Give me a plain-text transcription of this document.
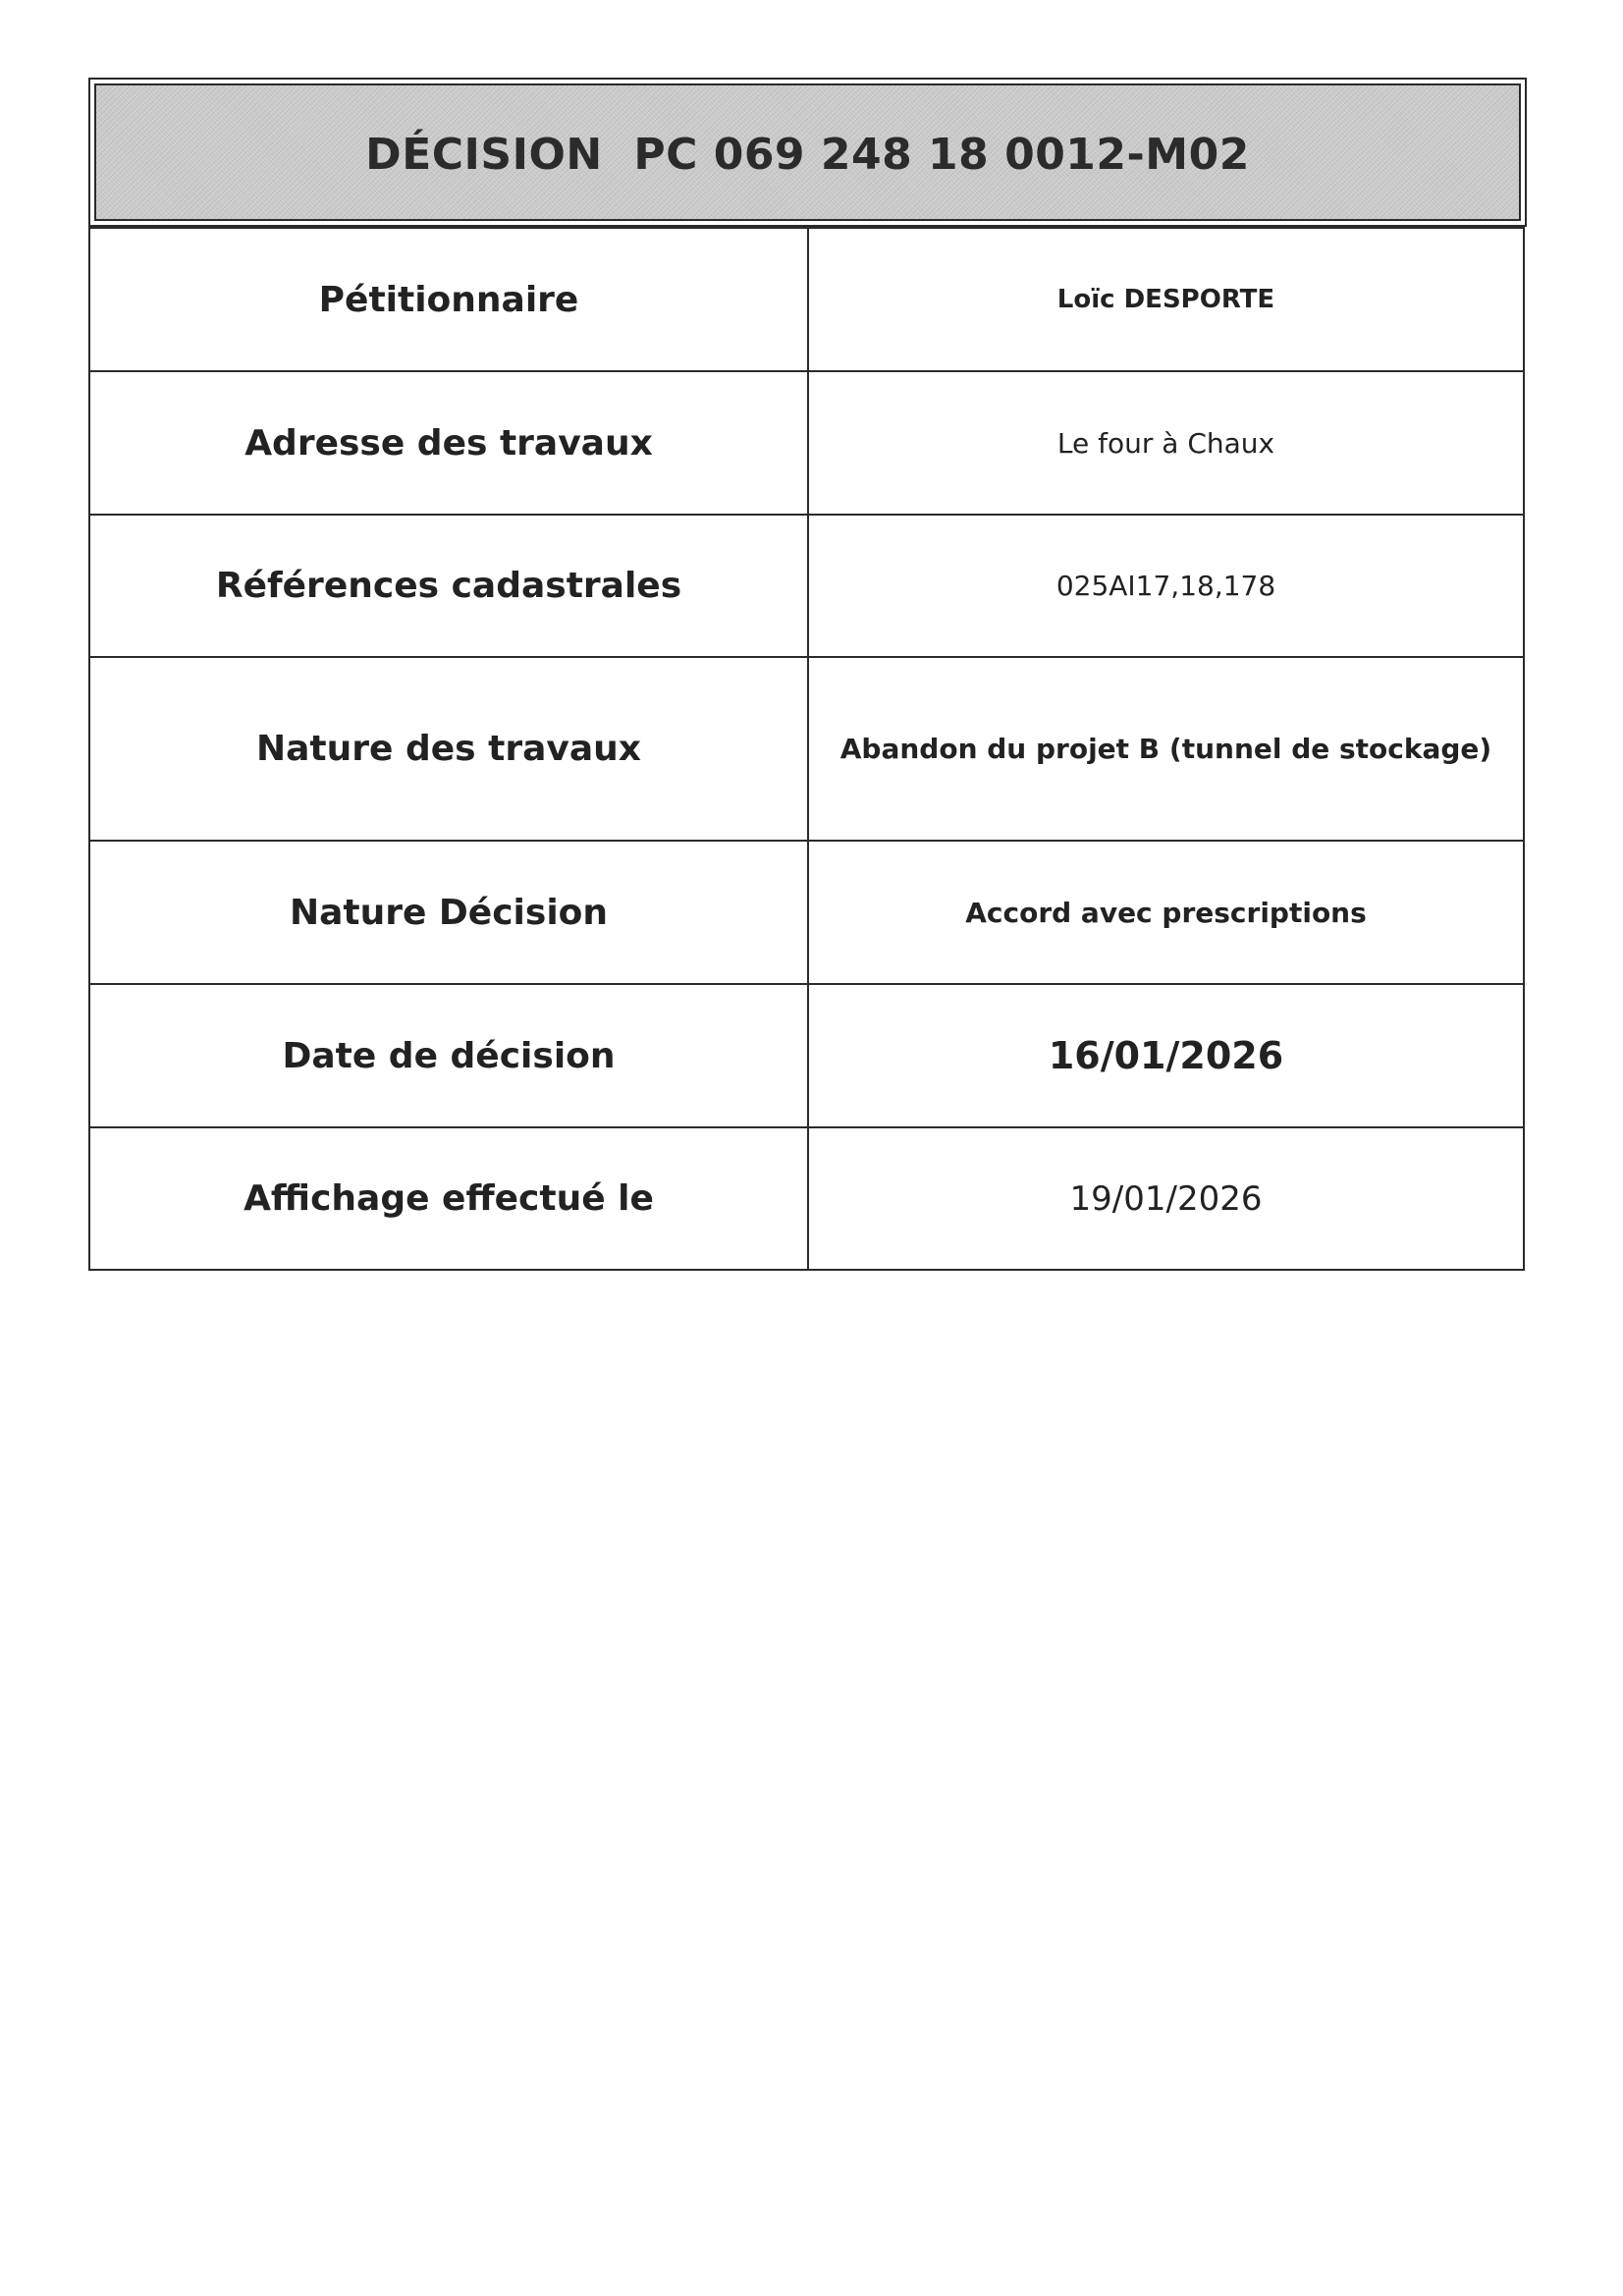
DÉCISION  PC 069 248 18 0012-M02
Pétitionnaire	Loïc DESPORTE
Adresse des travaux	Le four à Chaux
Références cadastrales	025AI17,18,178
Nature des travaux	Abandon du projet B (tunnel de stockage)
Nature Décision	Accord avec prescriptions
Date de décision	16/01/2026
Affichage effectué le	19/01/2026
